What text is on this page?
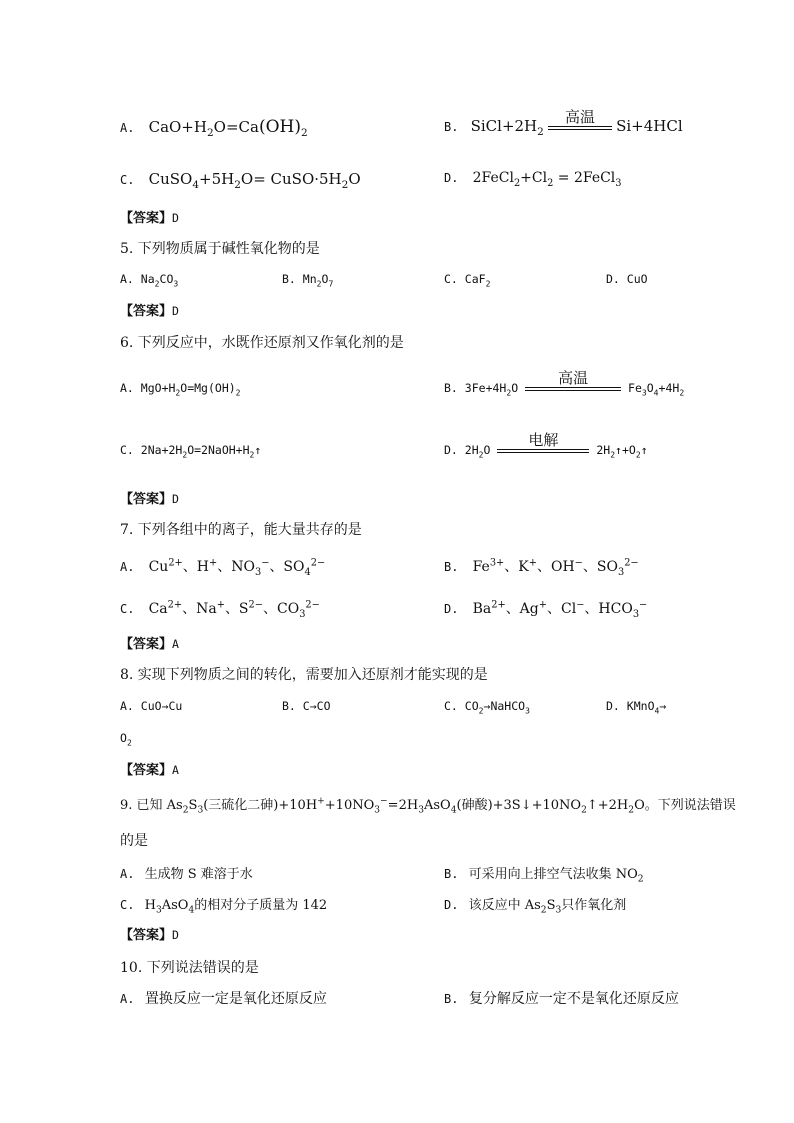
A. $CaO+H_2O=Ca(OH)_2$	B. $SiCl+2H_2$
高温
Si+4HCl
C. $CuSO_4+5H_2O=$ $CuSO\cdot 5H_2O$	D. $2FeCl_2+Cl_2$ = 2FeCl$_3$
【答案】D
5. 下列物质属于碱性氧化物的是
A. $Na_2CO_3$	B. $Mn_2O_7$	C. CaF$_2$	D. CuO
【答案】D
6. 下列反应中，水既作还原剂又作氧化剂的是
A. $MgO+H_2O=Mg(OH)_2$	B. $3Fe+4H_2O$
高温
$Fe_3O_4+4H_2$
C. $2Na+2H_2O=2NaOH+H_2↑$	D. $2H_2O$
电解
$2H_2↑+O_2↑$
【答案】D
7. 下列各组中的离子，能大量共存的是
A. $Cu^{2+}$、H+、$NO_3^-$、$SO_4^{2-}$	B. $Fe^{3+}$、K+、OH−、$SO_3^{2-}$
C. $Ca^{2+}$、Na+、$S^{2-}$、$CO_3^{2-}$	D. $Ba^{2+}$、Ag+、Cl−、$HCO_3^-$
【答案】A
8. 实现下列物质之间的转化，需要加入还原剂才能实现的是
A. CuO→Cu	B. C→CO	C. $CO_2\to NaHCO_3$	D. KMnO$_4$→
$O_2$
【答案】A
9. 已知 $As_2S_3$(三硫化二砷)$+10H^++10NO_3^-=2H_3AsO_4$(砷酸)$+3S↓+10NO_2↑+2H_2O$。下列说法错误
的是
A. 生成物 S 难溶于水	B. 可采用向上排空气法收集 $NO_2$
C. $H_3AsO_4$的相对分子质量为 142	D. 该反应中 $As_2S_3$只作氧化剂
【答案】D
10. 下列说法错误的是
A. 置换反应一定是氧化还原反应	B. 复分解反应一定不是氧化还原反应
